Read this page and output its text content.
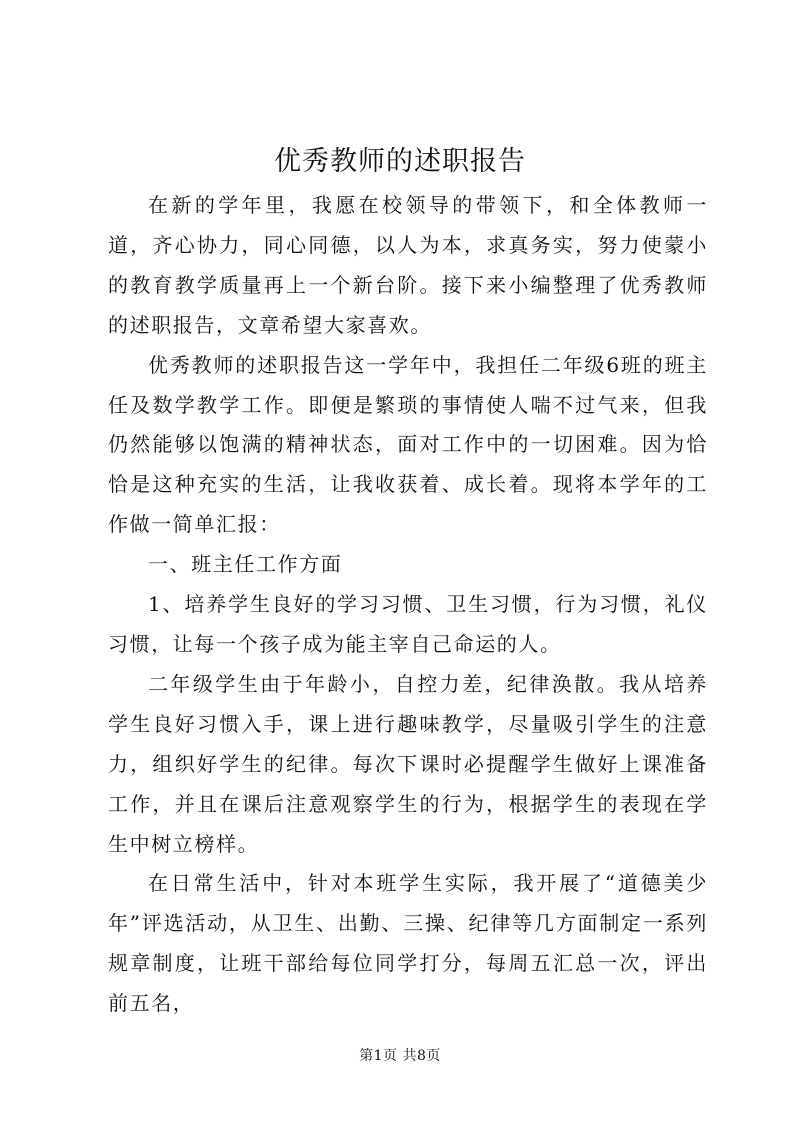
优秀教师的述职报告

在新的学年里，我愿在校领导的带领下，和全体教师一道，齐心协力，同心同德，以人为本，求真务实，努力使蒙小的教育教学质量再上一个新台阶。接下来小编整理了优秀教师的述职报告，文章希望大家喜欢。

优秀教师的述职报告这一学年中，我担任二年级6班的班主任及数学教学工作。即便是繁琐的事情使人喘不过气来，但我仍然能够以饱满的精神状态，面对工作中的一切困难。因为恰恰是这种充实的生活，让我收获着、成长着。现将本学年的工作做一简单汇报：

一、班主任工作方面

1、培养学生良好的学习习惯、卫生习惯，行为习惯，礼仪习惯，让每一个孩子成为能主宰自己命运的人。

二年级学生由于年龄小，自控力差，纪律涣散。我从培养学生良好习惯入手，课上进行趣味教学，尽量吸引学生的注意力，组织好学生的纪律。每次下课时必提醒学生做好上课准备工作，并且在课后注意观察学生的行为，根据学生的表现在学生中树立榜样。

在日常生活中，针对本班学生实际，我开展了“道德美少年”评选活动，从卫生、出勤、三操、纪律等几方面制定一系列规章制度，让班干部给每位同学打分，每周五汇总一次，评出前五名，

第1页 共8页
